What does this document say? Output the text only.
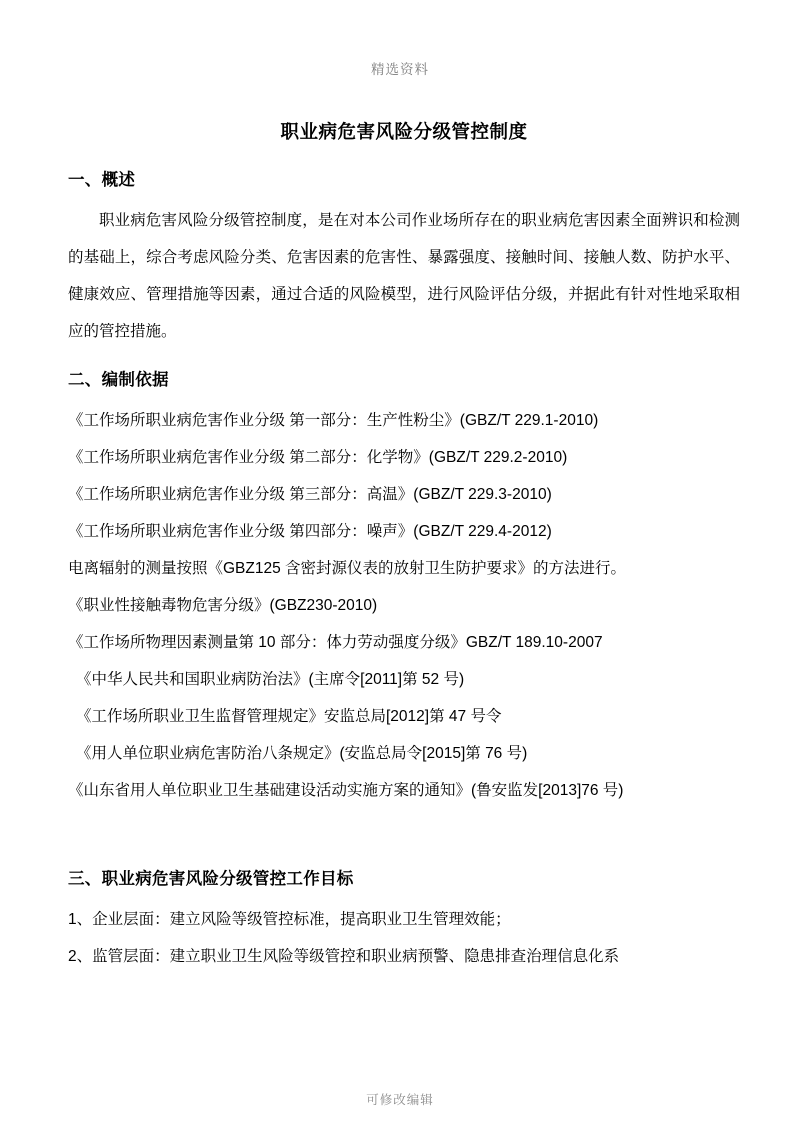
精选资料
职业病危害风险分级管控制度
一、概述

职业病危害风险分级管控制度，是在对本公司作业场所存在的职业病危害因素全面辨识和检测的基础上，综合考虑风险分类、危害因素的危害性、暴露强度、接触时间、接触人数、防护水平、健康效应、管理措施等因素，通过合适的风险模型，进行风险评估分级，并据此有针对性地采取相应的管控措施。

二、编制依据

《工作场所职业病危害作业分级 第一部分：生产性粉尘》(GBZ/T 229.1-2010)

《工作场所职业病危害作业分级 第二部分：化学物》(GBZ/T 229.2-2010)

《工作场所职业病危害作业分级 第三部分：高温》(GBZ/T 229.3-2010)

《工作场所职业病危害作业分级 第四部分：噪声》(GBZ/T 229.4-2012)

电离辐射的测量按照《GBZ125 含密封源仪表的放射卫生防护要求》的方法进行。

《职业性接触毒物危害分级》(GBZ230-2010)

《工作场所物理因素测量第 10 部分：体力劳动强度分级》GBZ/T 189.10-2007

《中华人民共和国职业病防治法》(主席令[2011]第 52 号)

《工作场所职业卫生监督管理规定》安监总局[2012]第 47 号令

《用人单位职业病危害防治八条规定》(安监总局令[2015]第 76 号)

《山东省用人单位职业卫生基础建设活动实施方案的通知》(鲁安监发[2013]76 号)

三、职业病危害风险分级管控工作目标

1、企业层面：建立风险等级管控标准，提高职业卫生管理效能；

2、监管层面：建立职业卫生风险等级管控和职业病预警、隐患排查治理信息化系

可修改编辑
